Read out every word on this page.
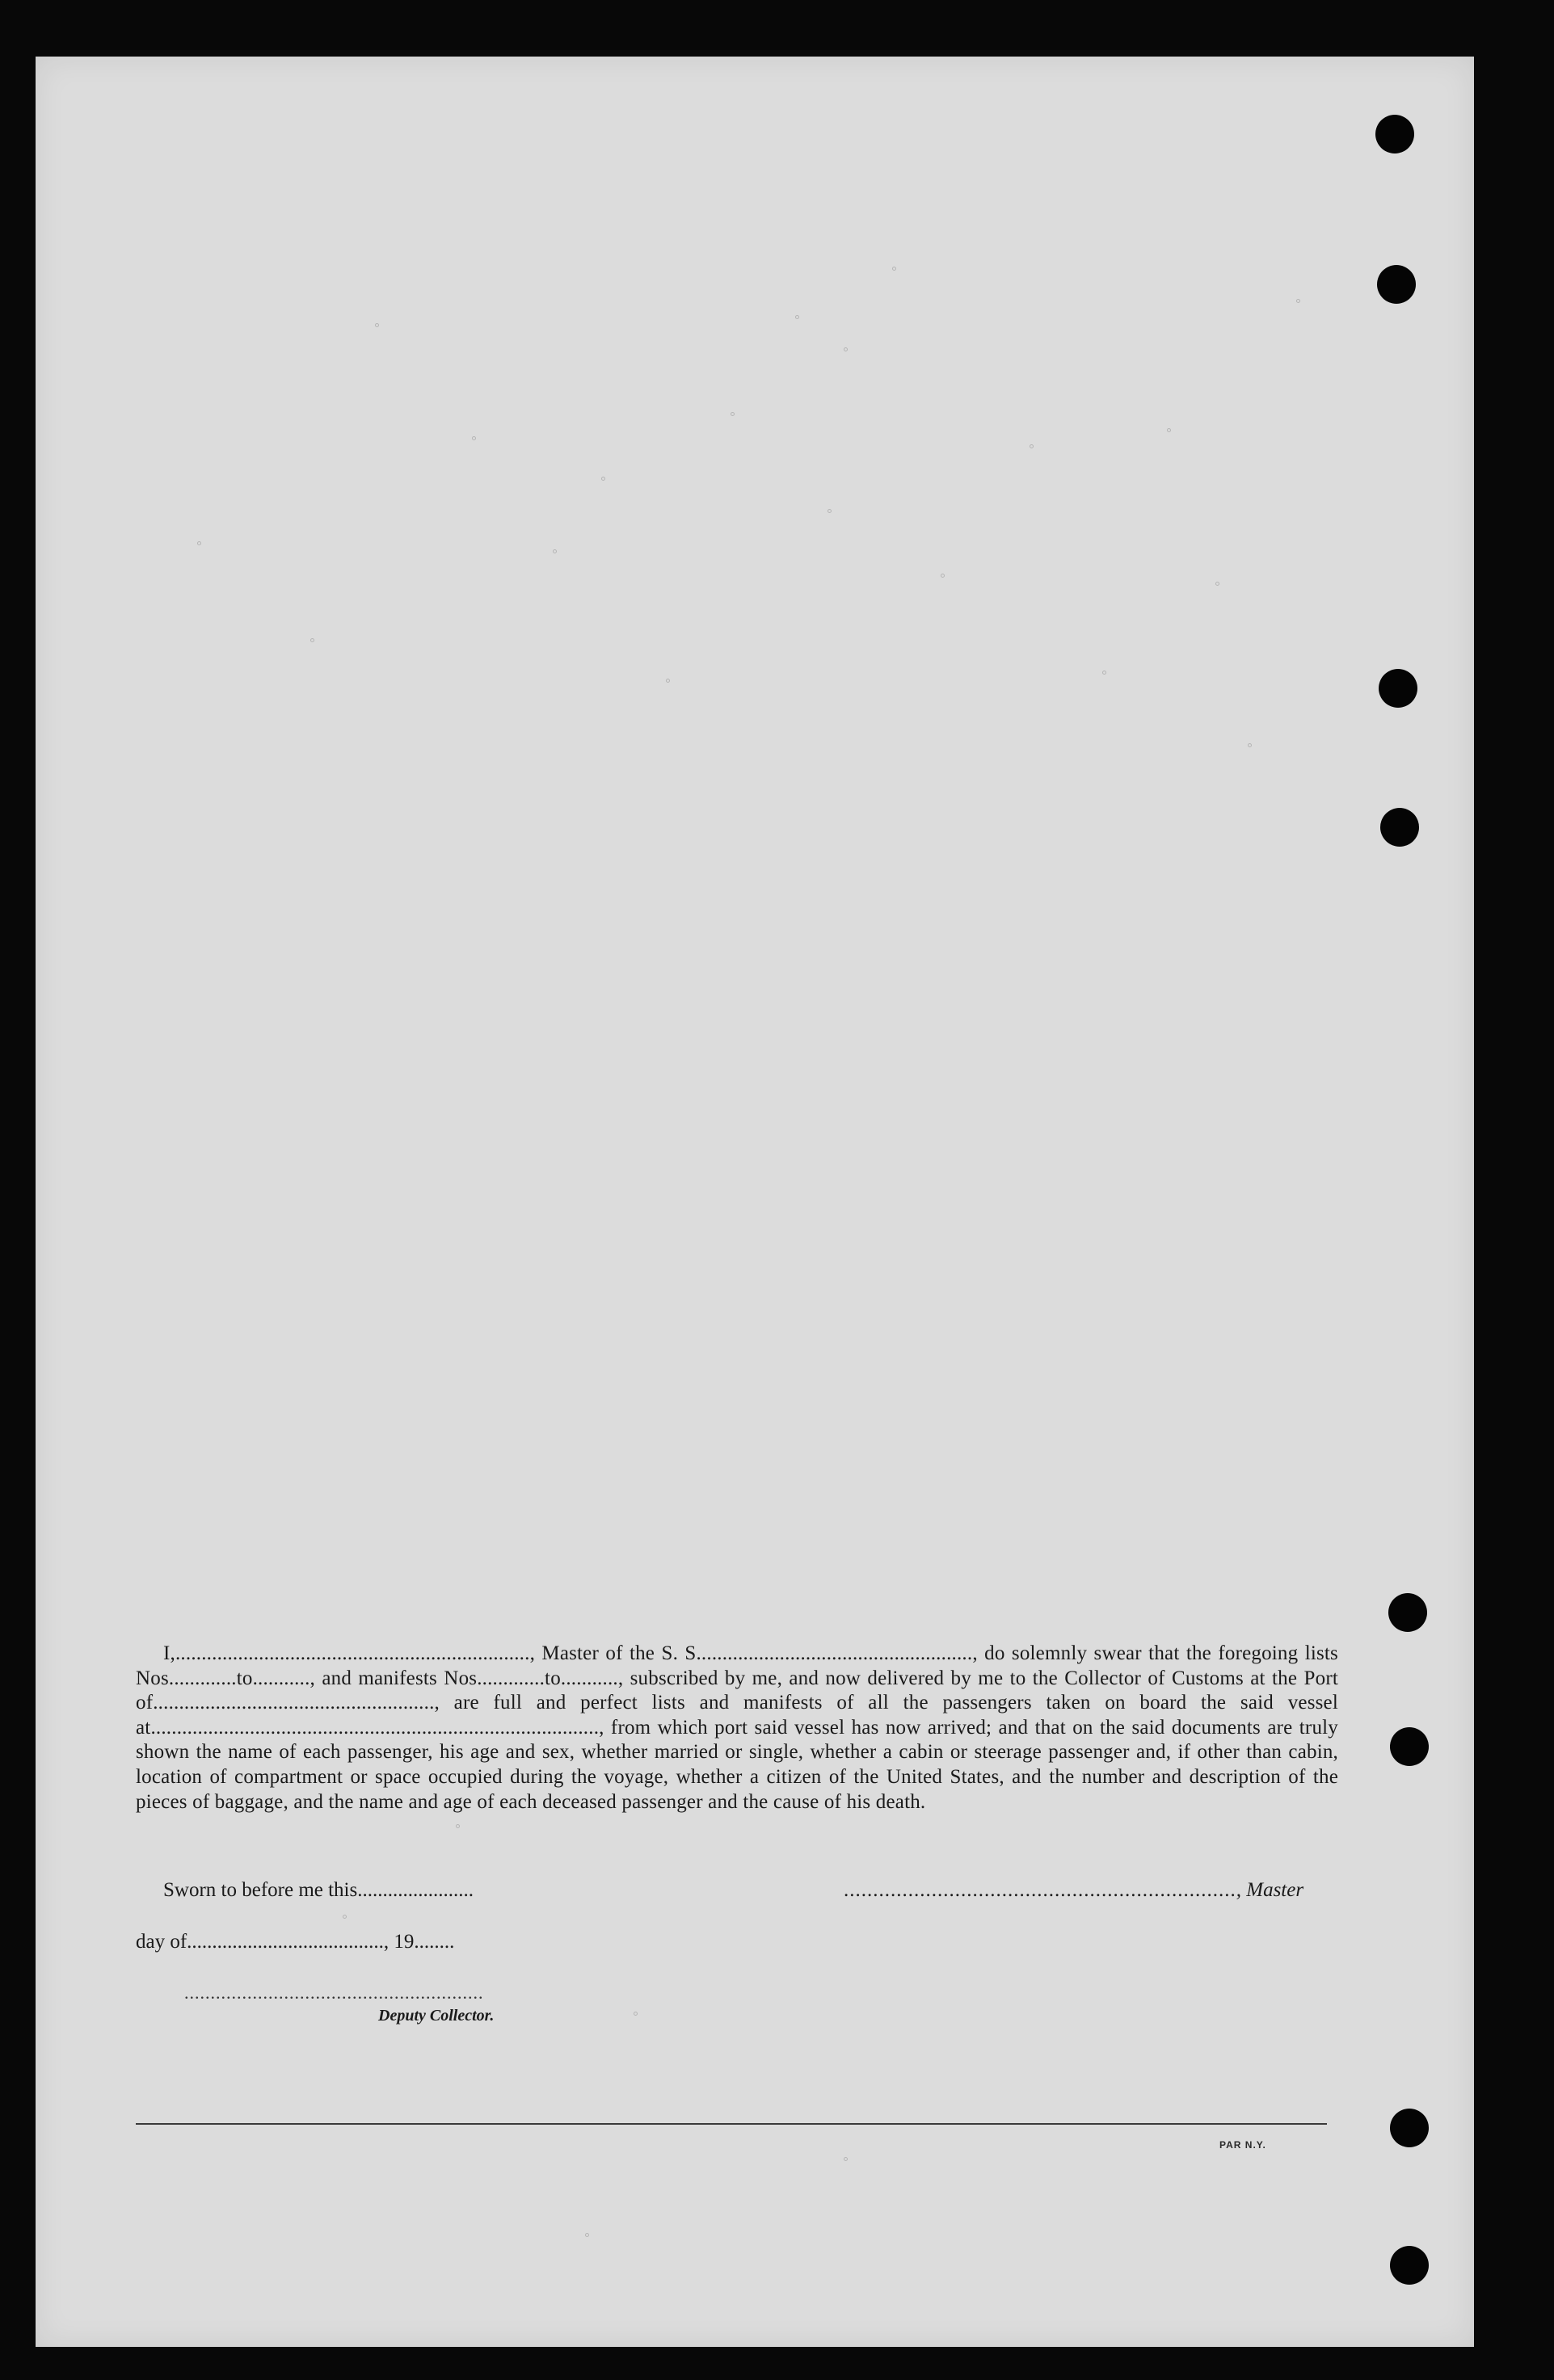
I,...................................................................., Master of the S. S....................................................., do solemnly swear that the foregoing lists Nos.............to..........., and manifests Nos.............to..........., subscribed by me, and now delivered by me to the Collector of Customs at the Port of......................................................, are full and perfect lists and manifests of all the passengers taken on board the said vessel at......................................................................................, from which port said vessel has now arrived; and that on the said documents are truly shown the name of each passenger, his age and sex, whether married or single, whether a cabin or steerage passenger and, if other than cabin, location of compartment or space occupied during the voyage, whether a citizen of the United States, and the number and description of the pieces of baggage, and the name and age of each deceased passenger and the cause of his death.

Sworn to before me this.......................	..................................................................., Master
day of......................................., 19........
.........................................................
Deputy Collector.
PAR N.Y.
